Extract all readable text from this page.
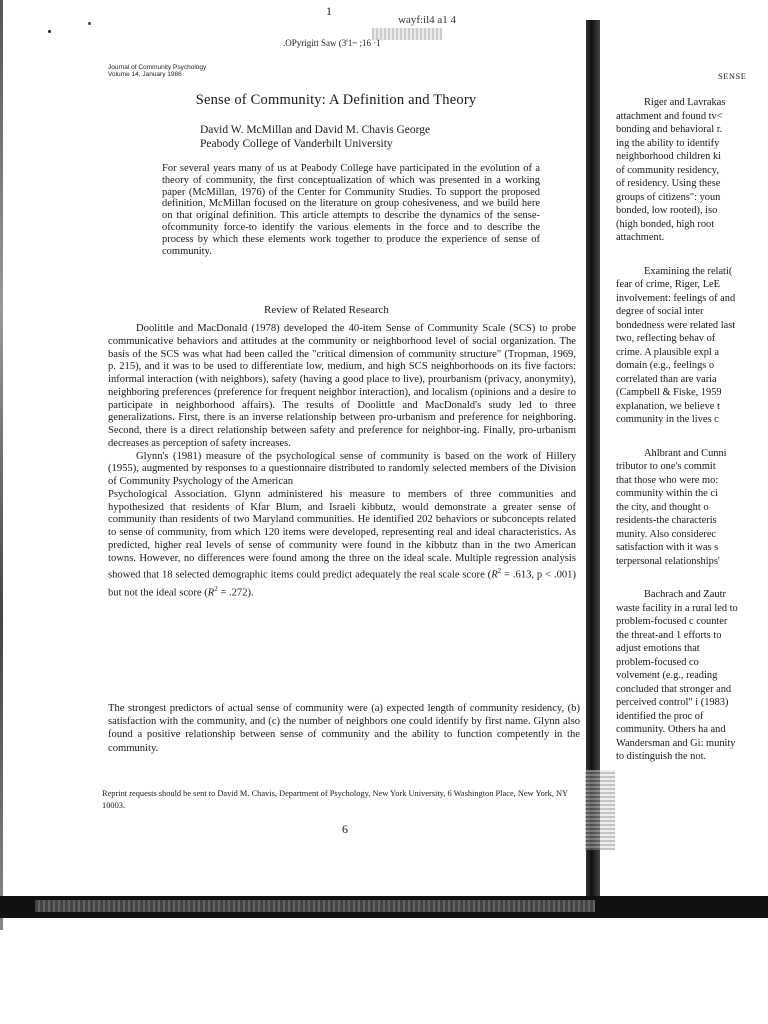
1
wayf:il4 a1 4
.OPyrigitt Saw (3'1~ ;16 ·1
Journal of Community Psychology
Volume 14, January 1986
Sense of Community: A Definition and Theory
David W. McMillan and David M. Chavis George
Peabody College of Vanderbilt University
For several years many of us at Peabody College have participated in the evolution of a theory of community, the first conceptualization of which was presented in a working paper (McMillan, 1976) of the Center for Community Studies. To support the proposed definition, McMillan focused on the literature on group cohesiveness, and we build here on that original definition. This article attempts to describe the dynamics of the sense-ofcommunity force-to identify the various elements in the force and to describe the process by which these elements work together to produce the experience of sense of community.
Review of Related Research

Doolittle and MacDonald (1978) developed the 40-item Sense of Community Scale (SCS) to probe communicative behaviors and attitudes at the community or neighborhood level of social organization. The basis of the SCS was what had been called the "critical dimension of community structure" (Tropman, 1969, p. 215), and it was to be used to differentiate low, medium, and high SCS neighborhoods on its five factors: informal interaction (with neighbors), safety (having a good place to live), prourbanism (privacy, anonymity), neighboring preferences (preference for frequent neighbor interaction), and localism (opinions and a desire to participate in neighborhood affairs). The results of Doolittle and MacDonald's study led to three generalizations. First, there is an inverse relationship between pro-urbanism and preference for neighboring. Second, there is a direct relationship between safety and preference for neighbor-ing. Finally, pro-urbanism decreases as perception of safety increases.

Glynn's (1981) measure of the psychological sense of community is based on the work of Hillery (1955), augmented by responses to a questionnaire distributed to randomly selected members of the Division of Community Psychology of the American

Psychological Association. Glynn administered his measure to members of three communities and hypothesized that residents of Kfar Blum, and Israeli kibbutz, would demonstrate a greater sense of community than residents of two Maryland communities. He identified 202 behaviors or subconcepts related to sense of community, from which 120 items were developed, representing real and ideal characteristics. As predicted, higher real levels of sense of community were found in the kibbutz than in the two American towns. However, no differences were found among the three on the ideal scale. Multiple regression analysis showed that 18 selected demographic items could predict adequately the real scale score ($R^2 = .613$, p < .001) but not the ideal score $(R^2 = .272)$.

The strongest predictors of actual sense of community were (a) expected length of community residency, (b) satisfaction with the community, and (c) the number of neighbors one could identify by first name. Glynn also found a positive relationship between sense of community and the ability to function competently in the community.
Reprint requests should be sent to David M. Chavis, Department of Psychology, New York University, 6 Washington Place, New York, NY 10003.
6
SENSE
Riger and Lavrakas
attachment and found tv<
bonding and behavioral r.
ing the ability to identify
neighborhood children ki
of community residency,
of residency. Using these
groups of citizens": youn
bonded, low rooted), iso
(high bonded, high root
attachment.
Examining the relati(
fear of crime, Riger, LeE
involvement: feelings of and
degree of social inter
bondedness were related last
two, reflecting behav of
crime. A plausible expl a
domain (e.g., feelings o
correlated than are varia
(Campbell & Fiske, 1959
explanation, we believe t
community in the lives c
Ahlbrant and Cunni
tributor to one's commit
that those who were mo:
community within the ci
the city, and thought o
residents-the characteris
munity. Also considerec
satisfaction with it was s
terpersonal relationships'
Bachrach and Zautr
waste facility in a rural led to
problem-focused c counter
the threat-and 1 efforts to
adjust emotions that
problem-focused co
volvement (e.g., reading
concluded that stronger and
perceived control" i (1983)
identified the proc of
community. Others ha and
Wandersman and Gi: munity
to distinguish the not.
